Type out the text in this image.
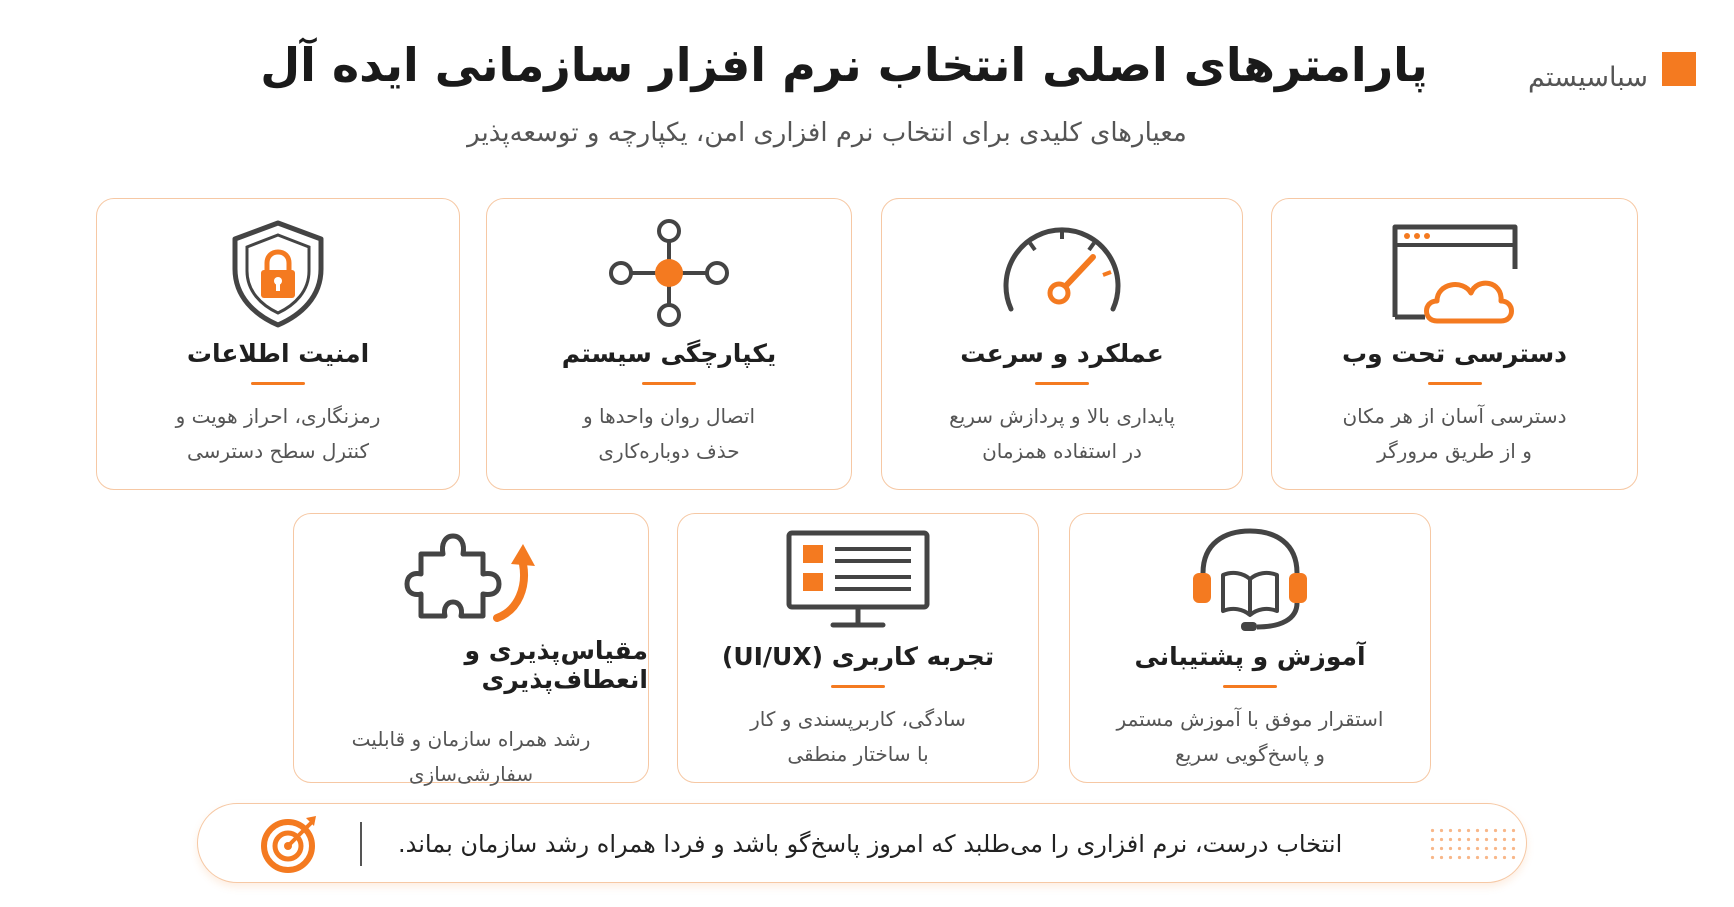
سباسیستم
پارامترهای اصلی انتخاب نرم افزار سازمانی ایده آل
معیارهای کلیدی برای انتخاب نرم افزاری امن، یکپارچه و توسعه‌پذیر
امنیت اطلاعات
رمزنگاری، احراز هویت و
کنترل سطح دسترسی
یکپارچگی سیستم
اتصال روان واحدها و
حذف دوباره‌کاری
عملکرد و سرعت
پایداری بالا و پردازش سریع
در استفاده همزمان
دسترسی تحت وب
دسترسی آسان از هر مکان
و از طریق مرورگر
مقیاس‌پذیری و انعطاف‌پذیری
رشد همراه سازمان و قابلیت
سفارشی‌سازی
تجربه کاربری (UI/UX)
سادگی، کاربرپسندی و کار
با ساختار منطقی
آموزش و پشتیبانی
استقرار موفق با آموزش مستمر
و پاسخ‌گویی سریع
انتخاب درست، نرم افزاری را می‌طلبد که امروز پاسخ‌گو باشد و فردا همراه رشد سازمان بماند.
